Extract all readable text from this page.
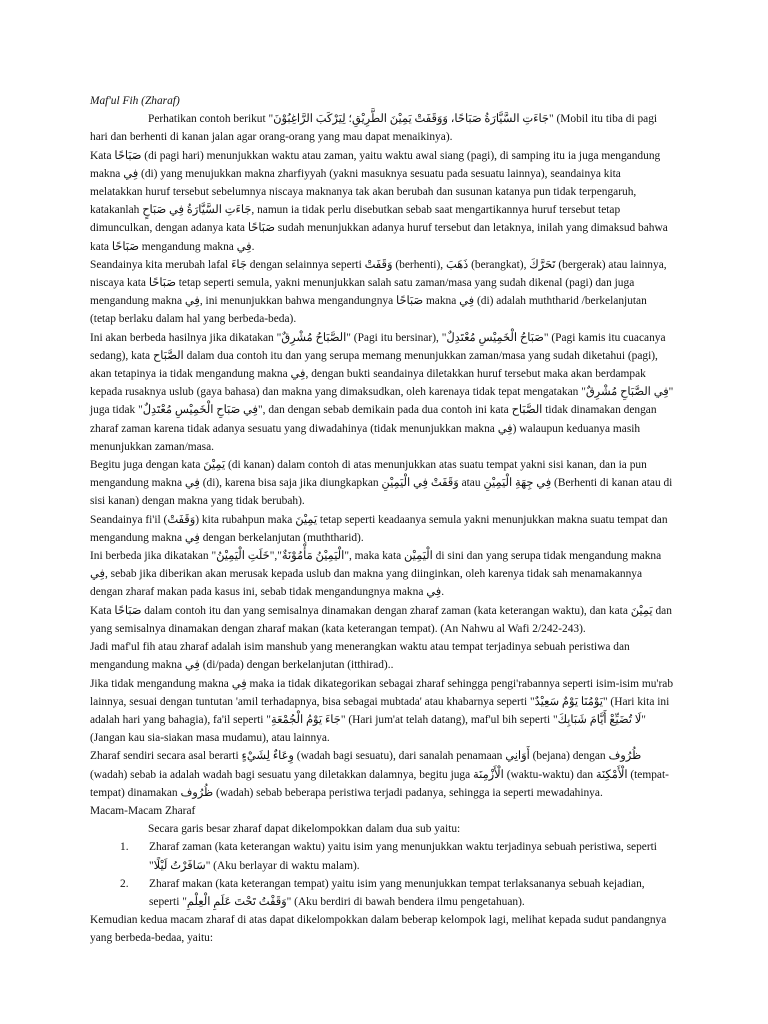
Maf'ul Fih (Zharaf)

Perhatikan contoh berikut "جَاءَتِ السَّيَّارَةُ صَبَاحًا، وَوَقَفَتْ يَمِيْنَ الطَّرِيْقِ؛ لِيَرْكَبَ الرَّاغِبُوْنَ" (Mobil itu tiba di pagi hari dan berhenti di kanan jalan agar orang-orang yang mau dapat menaikinya).

Kata صَبَاحًا (di pagi hari) menunjukkan waktu atau zaman, yaitu waktu awal siang (pagi), di samping itu ia juga mengandung makna فِي (di) yang menujukkan makna zharfiyyah (yakni masuknya sesuatu pada sesuatu lainnya), seandainya kita melatakkan huruf tersebut sebelumnya niscaya maknanya tak akan berubah dan susunan katanya pun tidak terpengaruh, katakanlah جَاءَتِ السَّيَّارَةُ فِي صَبَاحٍ, namun ia tidak perlu disebutkan sebab saat mengartikannya huruf tersebut tetap dimunculkan, dengan adanya kata صَبَاحًا sudah menunjukkan adanya huruf tersebut dan letaknya, inilah yang dimaksud bahwa kata صَبَاحًا mengandung makna فِي.

Seandainya kita merubah lafal جَاءَ dengan selainnya seperti وَقَفَتْ (berhenti), ذَهَبَ (berangkat), تَحَرَّكَ (bergerak) atau lainnya, niscaya kata صَبَاحًا tetap seperti semula, yakni menunjukkan salah satu zaman/masa yang sudah dikenal (pagi) dan juga mengandung makna فِي, ini menunjukkan bahwa mengandungnya صَبَاحًا makna فِي (di) adalah muththarid /berkelanjutan (tetap berlaku dalam hal yang berbeda-beda).

Ini akan berbeda hasilnya jika dikatakan "الصَّبَاحُ مُشْرِقٌ" (Pagi itu bersinar), "صَبَاحُ الْخَمِيْسِ مُعْتَدِلٌ" (Pagi kamis itu cuacanya sedang), kata الصَّبَاح dalam dua contoh itu dan yang serupa memang menunjukkan zaman/masa yang sudah diketahui (pagi), akan tetapinya ia tidak mengandung makna فِي, dengan bukti seandainya diletakkan huruf tersebut maka akan berdampak kepada rusaknya uslub (gaya bahasa) dan makna yang dimaksudkan, oleh karenaya tidak tepat mengatakan "فِي الصَّبَاحِ مُشْرِقٌ" juga tidak "فِي صَبَاحِ الْخَمِيْسِ مُعْتَدِلٌ", dan dengan sebab demikain pada dua contoh ini kata الصَّبَاح tidak dinamakan dengan zharaf zaman karena tidak adanya sesuatu yang diwadahinya (tidak menunjukkan makna فِي) walaupun keduanya masih menunjukkan zaman/masa.

Begitu juga dengan kata يَمِيْنَ (di kanan) dalam contoh di atas menunjukkan atas suatu tempat yakni sisi kanan, dan ia pun mengandung makna فِي (di), karena bisa saja jika diungkapkan وَقَفَتْ فِي الْيَمِيْنِ atau فِي جِهَةِ الْيَمِيْنِ (Berhenti di kanan atau di sisi kanan) dengan makna yang tidak berubah).

Seandainya fi'il (وَقَفَتْ) kita rubahpun maka يَمِيْنَ tetap seperti keadaanya semula yakni menunjukkan makna suatu tempat dan mengandung makna فِي dengan berkelanjutan (muththarid).

Ini berbeda jika dikatakan "الْيَمِيْنُ مَأْمُوْنَةٌ","خَلَتِ الْيَمِيْنُ", maka kata الْيَمِيْن di sini dan yang serupa tidak mengandung makna فِي, sebab jika diberikan akan merusak kepada uslub dan makna yang diinginkan, oleh karenya tidak sah menamakannya dengan zharaf makan pada kasus ini, sebab tidak mengandungnya makna فِي.

Kata صَبَاحًا dalam contoh itu dan yang semisalnya dinamakan dengan zharaf zaman (kata keterangan waktu), dan kata يَمِيْنَ dan yang semisalnya dinamakan dengan zharaf makan (kata keterangan tempat). (An Nahwu al Wafi 2/242-243).

Jadi maf'ul fih atau zharaf adalah isim manshub yang menerangkan waktu atau tempat terjadinya sebuah peristiwa dan mengandung makna فِي (di/pada) dengan berkelanjutan (itthirad)..

Jika tidak mengandung makna فِي maka ia tidak dikategorikan sebagai zharaf sehingga pengi'rabannya seperti isim-isim mu'rab lainnya, sesuai dengan tuntutan 'amil terhadapnya, bisa sebagai mubtada' atau khabarnya seperti "يَوْمُنَا يَوْمٌ سَعِيْدٌ" (Hari kita ini adalah hari yang bahagia), fa'il seperti "جَاءَ يَوْمُ الْجُمْعَةِ" (Hari jum'at telah datang), maf'ul bih seperti "لَا تُضَيِّعْ أَيَّامَ شَبَابِكَ" (Jangan kau sia-siakan masa mudamu), atau lainnya.

Zharaf sendiri secara asal berarti وِعَاءٌ لِشَيْءٍ (wadah bagi sesuatu), dari sanalah penamaan أَوَانِي (bejana) dengan ظُرُوف (wadah) sebab ia adalah wadah bagi sesuatu yang diletakkan dalamnya, begitu juga الْأَزْمِنَة (waktu-waktu) dan الْأَمْكِنَة (tempat-tempat) dinamakan ظُرُوف (wadah) sebab beberapa peristiwa terjadi padanya, sehingga ia seperti mewadahinya.

Macam-Macam Zharaf

Secara garis besar zharaf dapat dikelompokkan dalam dua sub yaitu:

1. Zharaf zaman (kata keterangan waktu) yaitu isim yang menunjukkan waktu terjadinya sebuah peristiwa, seperti "سَافَرْتُ لَيْلًا" (Aku berlayar di waktu malam).
2. Zharaf makan (kata keterangan tempat) yaitu isim yang menunjukkan tempat terlaksananya sebuah kejadian, seperti "وَقَفْتُ تَحْتَ عَلَمِ الْعِلْمِ" (Aku berdiri di bawah bendera ilmu pengetahuan).

Kemudian kedua macam zharaf di atas dapat dikelompokkan dalam beberap kelompok lagi, melihat kepada sudut pandangnya yang berbeda-bedaa, yaitu:
